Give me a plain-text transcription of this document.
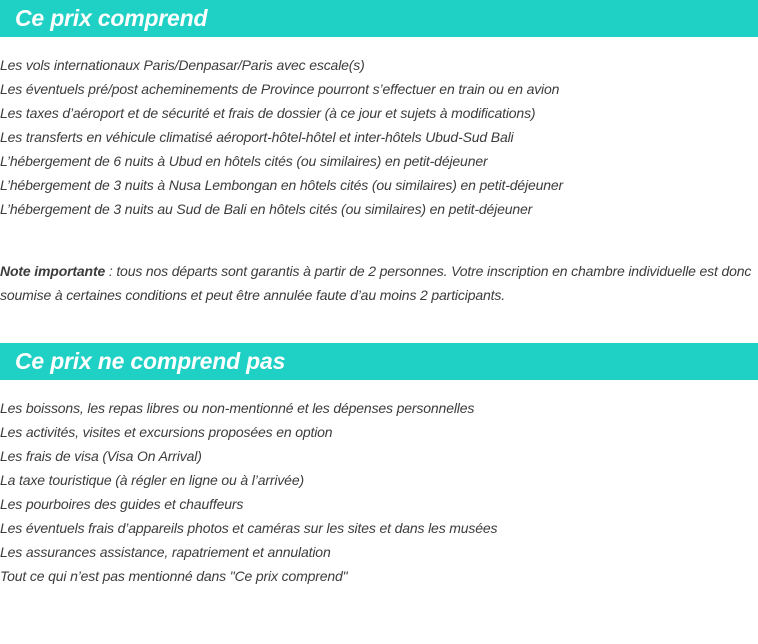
Ce prix comprend
Les vols internationaux Paris/Denpasar/Paris avec escale(s)
Les éventuels pré/post acheminements de Province pourront s’effectuer en train ou en avion
Les taxes d’aéroport et de sécurité et frais de dossier (à ce jour et sujets à modifications)
Les transferts en véhicule climatisé aéroport-hôtel-hôtel et inter-hôtels Ubud-Sud Bali
L’hébergement de 6 nuits à Ubud en hôtels cités (ou similaires) en petit-déjeuner
L’hébergement de 3 nuits à Nusa Lembongan en hôtels cités (ou similaires) en petit-déjeuner
L’hébergement de 3 nuits au Sud de Bali en hôtels cités (ou similaires) en petit-déjeuner

Note importante : tous nos départs sont garantis à partir de 2 personnes. Votre inscription en chambre individuelle est donc soumise à certaines conditions et peut être annulée faute d’au moins 2 participants.

Ce prix ne comprend pas
Les boissons, les repas libres ou non-mentionné et les dépenses personnelles
Les activités, visites et excursions proposées en option
Les frais de visa (Visa On Arrival)
La taxe touristique (à régler en ligne ou à l’arrivée)
Les pourboires des guides et chauffeurs
Les éventuels frais d’appareils photos et caméras sur les sites et dans les musées
Les assurances assistance, rapatriement et annulation
Tout ce qui n’est pas mentionné dans "Ce prix comprend"
